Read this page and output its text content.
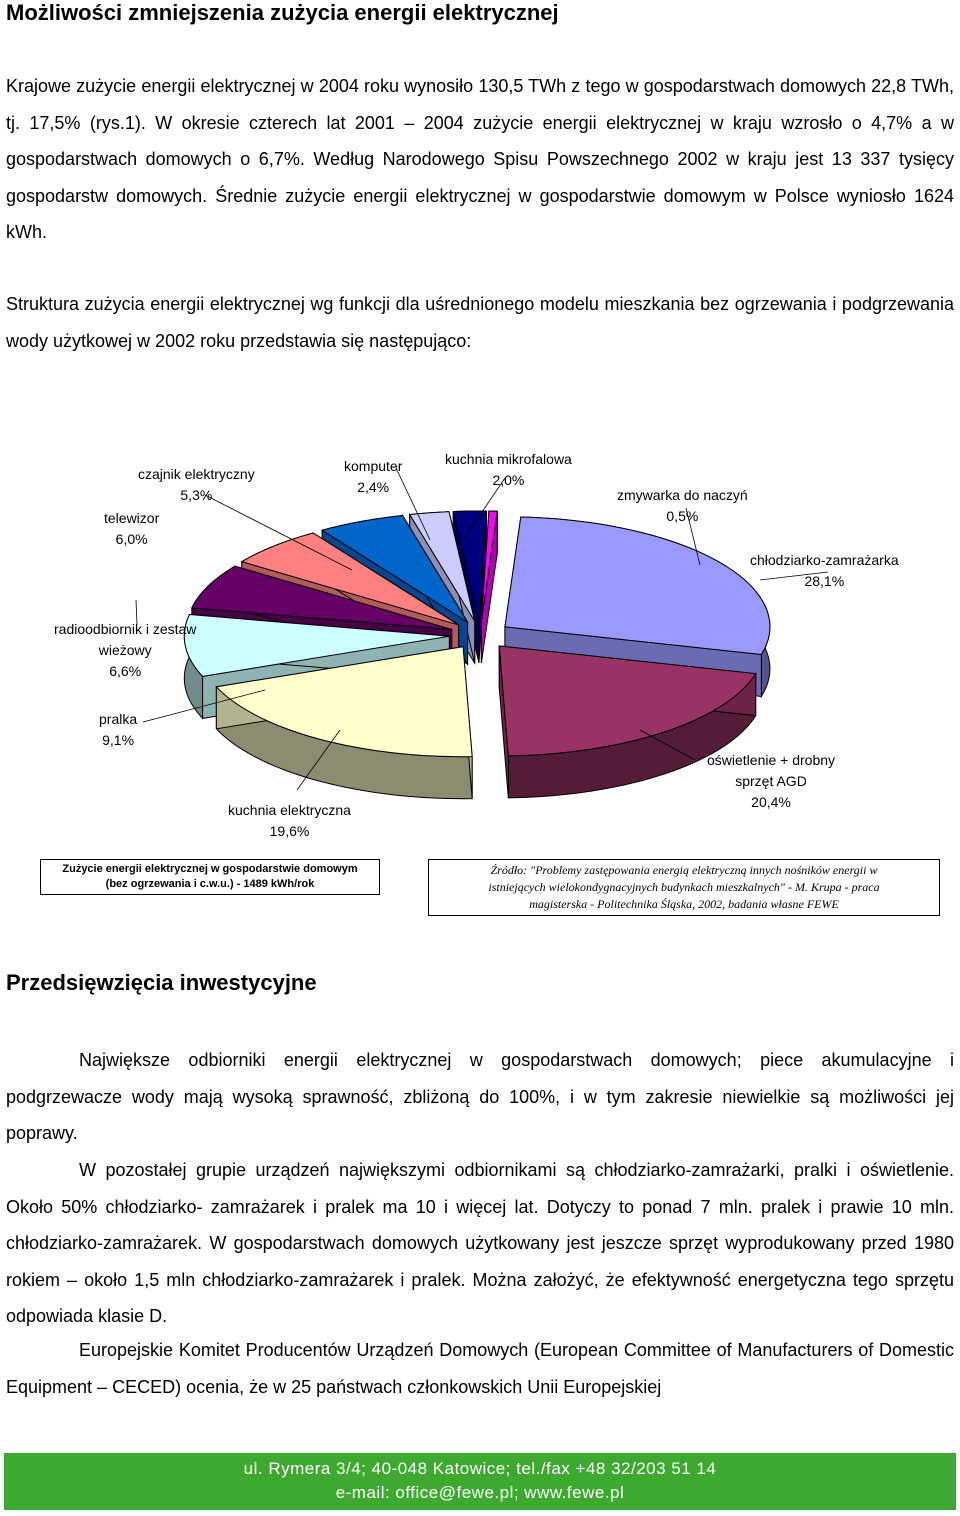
Możliwości zmniejszenia zużycia energii elektrycznej

Krajowe zużycie energii elektrycznej w 2004 roku wynosiło 130,5 TWh z tego w gospodarstwach domowych 22,8 TWh, tj. 17,5% (rys.1). W okresie czterech lat 2001 – 2004 zużycie energii elektrycznej w kraju wzrosło o 4,7% a w gospodarstwach domowych o 6,7%. Według Narodowego Spisu Powszechnego 2002 w kraju jest 13 337 tysięcy gospodarstw domowych. Średnie zużycie energii elektrycznej w gospodarstwie domowym w Polsce wyniosło 1624 kWh.

Struktura zużycia energii elektrycznej wg funkcji dla uśrednionego modelu mieszkania bez ogrzewania i podgrzewania wody użytkowej w 2002 roku przedstawia się następująco:

czajnik elektryczny
5,3%
komputer
2,4%
kuchnia mikrofalowa
2,0%
zmywarka do naczyń
0,5%
telewizor
6,0%
chłodziarko-zamrażarka
28,1%
radioodbiornik i zestaw
wieżowy
6,6%
pralka
9,1%
oświetlenie + drobny
sprzęt AGD
20,4%
kuchnia elektryczna
19,6%
Zużycie energii elektrycznej w gospodarstwie domowym
(bez ogrzewania i c.w.u.) - 1489 kWh/rok
Źródło: "Problemy zastępowania energią elektryczną innych nośników energii w
istniejących wielokondygnacyjnych budynkach mieszkalnych" - M. Krupa - praca
magisterska - Politechnika Śląska, 2002, badania własne FEWE
Przedsięwzięcia inwestycyjne

Największe odbiorniki energii elektrycznej w gospodarstwach domowych; piece akumulacyjne i podgrzewacze wody mają wysoką sprawność, zbliżoną do 100%, i w tym zakresie niewielkie są możliwości jej poprawy.

W pozostałej grupie urządzeń największymi odbiornikami są chłodziarko-zamrażarki, pralki i oświetlenie. Około 50% chłodziarko- zamrażarek i pralek ma 10 i więcej lat. Dotyczy to ponad 7 mln. pralek i prawie 10 mln. chłodziarko-zamrażarek. W gospodarstwach domowych użytkowany jest jeszcze sprzęt wyprodukowany przed 1980 rokiem – około 1,5 mln chłodziarko-zamrażarek i pralek. Można założyć, że efektywność energetyczna tego sprzętu odpowiada klasie D.

Europejskie Komitet Producentów Urządzeń Domowych (European Committee of Manufacturers of Domestic Equipment – CECED) ocenia, że w 25 państwach członkowskich Unii Europejskiej

ul. Rymera 3/4; 40-048 Katowice; tel./fax +48 32/203 51 14
e-mail: office@fewe.pl; www.fewe.pl
